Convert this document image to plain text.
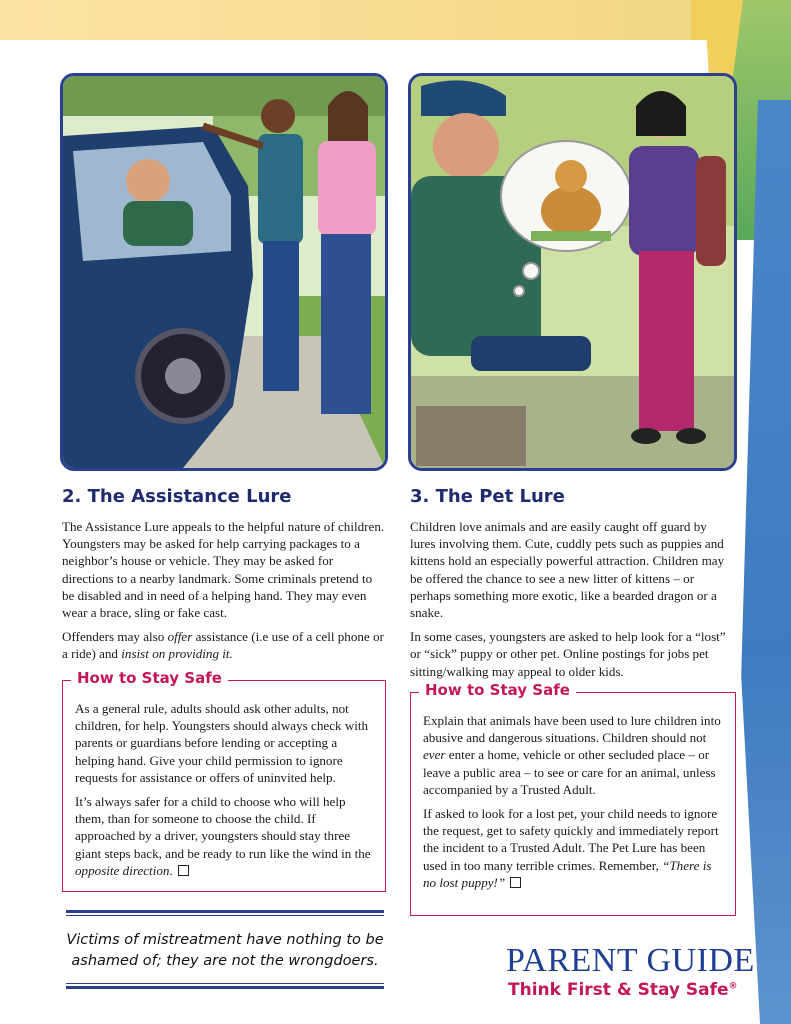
2. The Assistance Lure

The Assistance Lure appeals to the helpful nature of children. Youngsters may be asked for help carrying packages to a neighbor’s house or vehicle. They may be asked for directions to a nearby landmark. Some criminals pretend to be disabled and in need of a helping hand. They may even wear a brace, sling or fake cast.

Offenders may also offer assistance (i.e use of a cell phone or a ride) and insist on providing it.

How to Stay Safe

As a general rule, adults should ask other adults, not children, for help. Youngsters should always check with parents or guardians before lending or accepting a helping hand. Give your child permission to ignore requests for assistance or offers of uninvited help.

It’s always safer for a child to choose who will help them, than for someone to choose the child. If approached by a driver, youngsters should stay three giant steps back, and be ready to run like the wind in the opposite direction.

3. The Pet Lure

Children love animals and are easily caught off guard by lures involving them. Cute, cuddly pets such as puppies and kittens hold an especially powerful attraction. Children may be offered the chance to see a new litter of kittens – or perhaps something more exotic, like a bearded dragon or a snake.

In some cases, youngsters are asked to help look for a “lost” or “sick” puppy or other pet. Online postings for jobs pet sitting/walking may appeal to older kids.

How to Stay Safe

Explain that animals have been used to lure children into abusive and dangerous situations. Children should not ever enter a home, vehicle or other secluded place – or leave a public area – to see or care for an animal, unless accompanied by a Trusted Adult.

If asked to look for a lost pet, your child needs to ignore the request, get to safety quickly and immediately report the incident to a Trusted Adult. The Pet Lure has been used in too many terrible crimes. Remember, “There is no lost puppy!”

Victims of mistreatment have nothing to be ashamed of; they are not the wrongdoers.	PARENT GUIDE
Think First & Stay Safe®
